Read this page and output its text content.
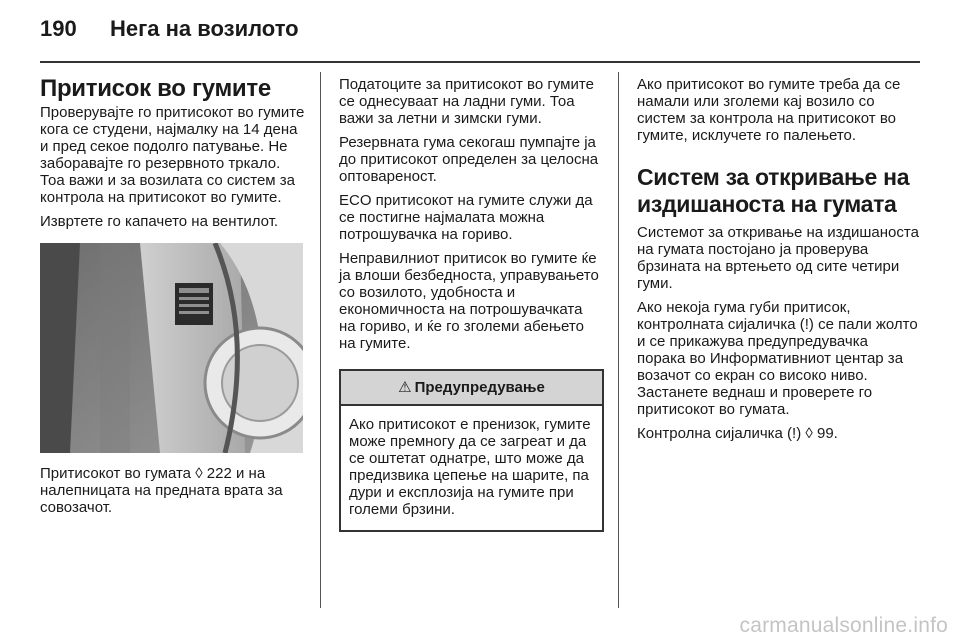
190 Нега на возилото
Притисок во гумите

Проверувајте го притисокот во гумите кога се студени, најмалку на 14 дена и пред секое подолго патување. Не заборавајте го резервното тркало. Тоа важи и за возилата со систем за контрола на притисокот во гумите.

Извртете го капачето на вентилот.

Притисокот во гумата ◊ 222 и на налепницата на предната врата за совозачот.

Податоците за притисокот во гумите се однесуваат на ладни гуми. Тоа важи за летни и зимски гуми.

Резервната гума секогаш пумпајте ја до притисокот определен за целосна оптовареност.

ECO притисокот на гумите служи да се постигне најмалата можна потрошувачка на гориво.

Неправилниот притисок во гумите ќе ја влоши безбедноста, управувањето со возилото, удобноста и економичноста на потрошувачката на гориво, и ќе го зголеми абењето на гумите.

⚠ Предупредување
Ако притисокот е пренизок, гумите може премногу да се загреат и да се оштетат однатре, што може да предизвика цепење на шарите, па дури и експлозија на гумите при големи брзини.

Ако притисокот во гумите треба да се намали или зголеми кај возило со систем за контрола на притисокот во гумите, исклучете го палењето.

Систем за откривање на издишаноста на гумата

Системот за откривање на издишаноста на гумата постојано ја проверува брзината на вртењето од сите четири гуми.

Ако некоја гума губи притисок, контролната сијаличка (!) се пали жолто и се прикажува предупредувачка порака во Информативниот центар за возачот со екран со високо ниво. Застанете веднаш и проверете го притисокот во гумата.

Контролна сијаличка (!) ◊ 99.

carmanualsonline.info
